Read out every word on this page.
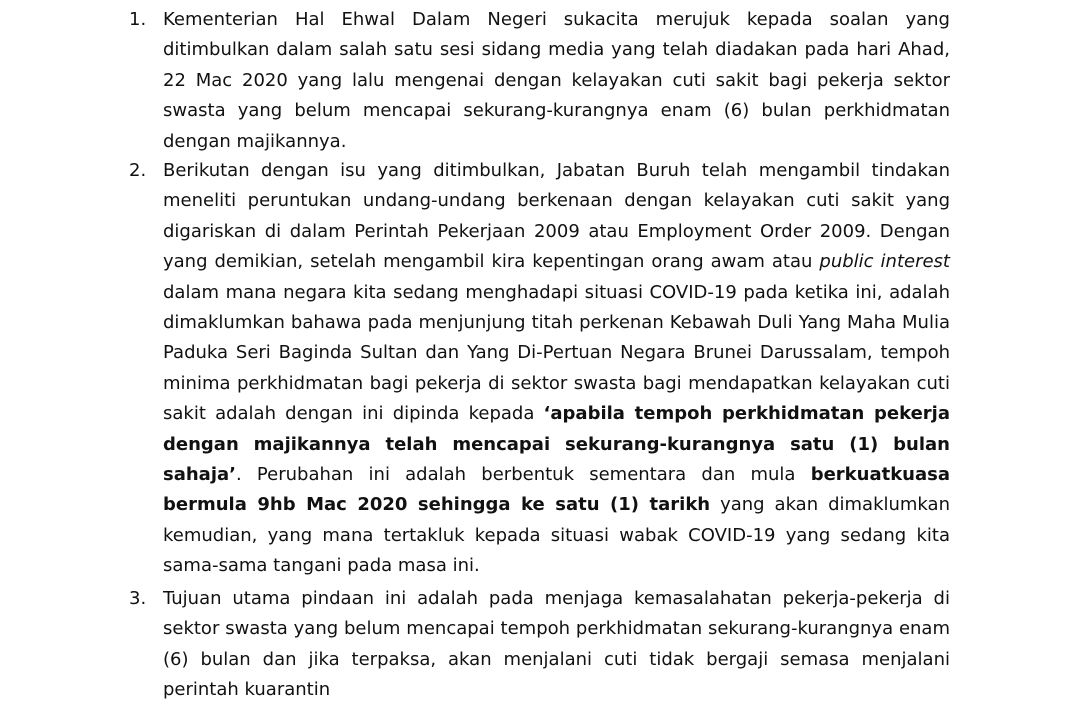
1. Kementerian Hal Ehwal Dalam Negeri sukacita merujuk kepada soalan yang ditimbulkan dalam salah satu sesi sidang media yang telah diadakan pada hari Ahad, 22 Mac 2020 yang lalu mengenai dengan kelayakan cuti sakit bagi pekerja sektor swasta yang belum mencapai sekurang-kurangnya enam (6) bulan perkhidmatan dengan majikannya.
2. Berikutan dengan isu yang ditimbulkan, Jabatan Buruh telah mengambil tindakan meneliti peruntukan undang-undang berkenaan dengan kelayakan cuti sakit yang digariskan di dalam Perintah Pekerjaan 2009 atau Employment Order 2009. Dengan yang demikian, setelah mengambil kira kepentingan orang awam atau public interest dalam mana negara kita sedang menghadapi situasi COVID-19 pada ketika ini, adalah dimaklumkan bahawa pada menjunjung titah perkenan Kebawah Duli Yang Maha Mulia Paduka Seri Baginda Sultan dan Yang Di-Pertuan Negara Brunei Darussalam, tempoh minima perkhidmatan bagi pekerja di sektor swasta bagi mendapatkan kelayakan cuti sakit adalah dengan ini dipinda kepada ‘apabila tempoh perkhidmatan pekerja dengan majikannya telah mencapai sekurang-kurangnya satu (1) bulan sahaja’. Perubahan ini adalah berbentuk sementara dan mula berkuatkuasa bermula 9hb Mac 2020 sehingga ke satu (1) tarikh yang akan dimaklumkan kemudian, yang mana tertakluk kepada situasi wabak COVID-19 yang sedang kita sama-sama tangani pada masa ini.
3. Tujuan utama pindaan ini adalah pada menjaga kemasalahatan pekerja-pekerja di sektor swasta yang belum mencapai tempoh perkhidmatan sekurang-kurangnya enam (6) bulan dan jika terpaksa, akan menjalani cuti tidak bergaji semasa menjalani perintah kuarantin
